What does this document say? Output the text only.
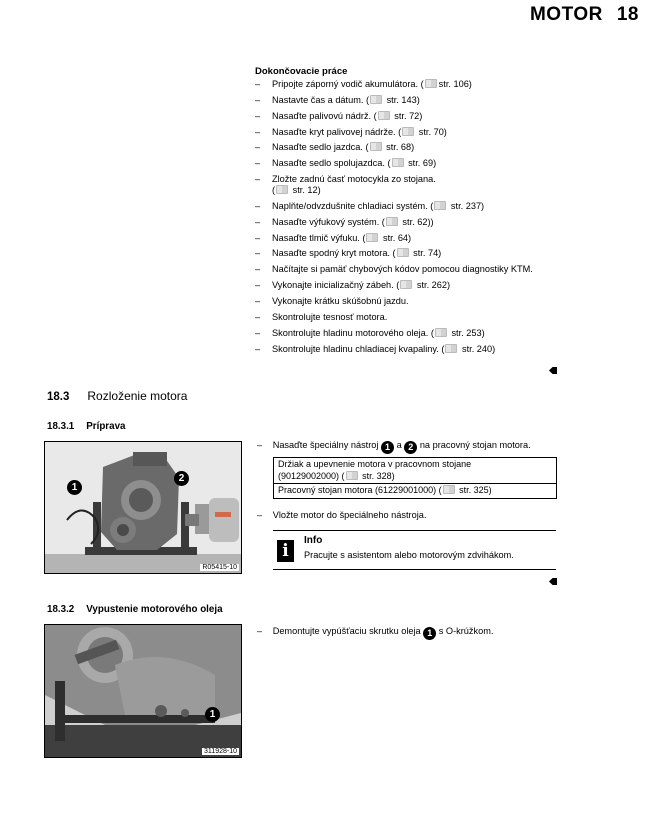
MOTOR 18
Dokončovacie práce
– Pripojte záporný vodič akumulátora. ( str. 106)
– Nastavte čas a dátum. ( str. 143)
– Nasaďte palivovú nádrž. ( str. 72)
– Nasaďte kryt palivovej nádrže. ( str. 70)
– Nasaďte sedlo jazdca. ( str. 68)
– Nasaďte sedlo spolujazdca. ( str. 69)
– Zložte zadnú časť motocykla zo stojana.
( str. 12)
– Naplňte/odvzdušnite chladiaci systém. ( str. 237)
– Nasaďte výfukový systém. ( str. 62))
– Nasaďte tlmič výfuku. ( str. 64)
– Nasaďte spodný kryt motora. ( str. 74)
– Načítajte si pamäť chybových kódov pomocou diagnostiky KTM.
– Vykonajte inicializačný zábeh. ( str. 262)
– Vykonajte krátku skúšobnú jazdu.
– Skontrolujte tesnosť motora.
– Skontrolujte hladinu motorového oleja. ( str. 253)
– Skontrolujte hladinu chladiacej kvapaliny. ( str. 240)
18.3 Rozloženie motora
18.3.1 Príprava
1
2
R05415-10
– Nasaďte špeciálny nástroj 1 a 2 na pracovný stojan motora.
Držiak a upevnenie motora v pracovnom stojane
(90129002000) ( str. 328)
Pracovný stojan motora (61229001000) ( str. 325)
– Vložte motor do špeciálneho nástroja.
i
Info
Pracujte s asistentom alebo motorovým zdvihákom.
18.3.2 Vypustenie motorového oleja
1
311928-10
– Demontujte vypúšťaciu skrutku oleja 1 s O-krúžkom.
